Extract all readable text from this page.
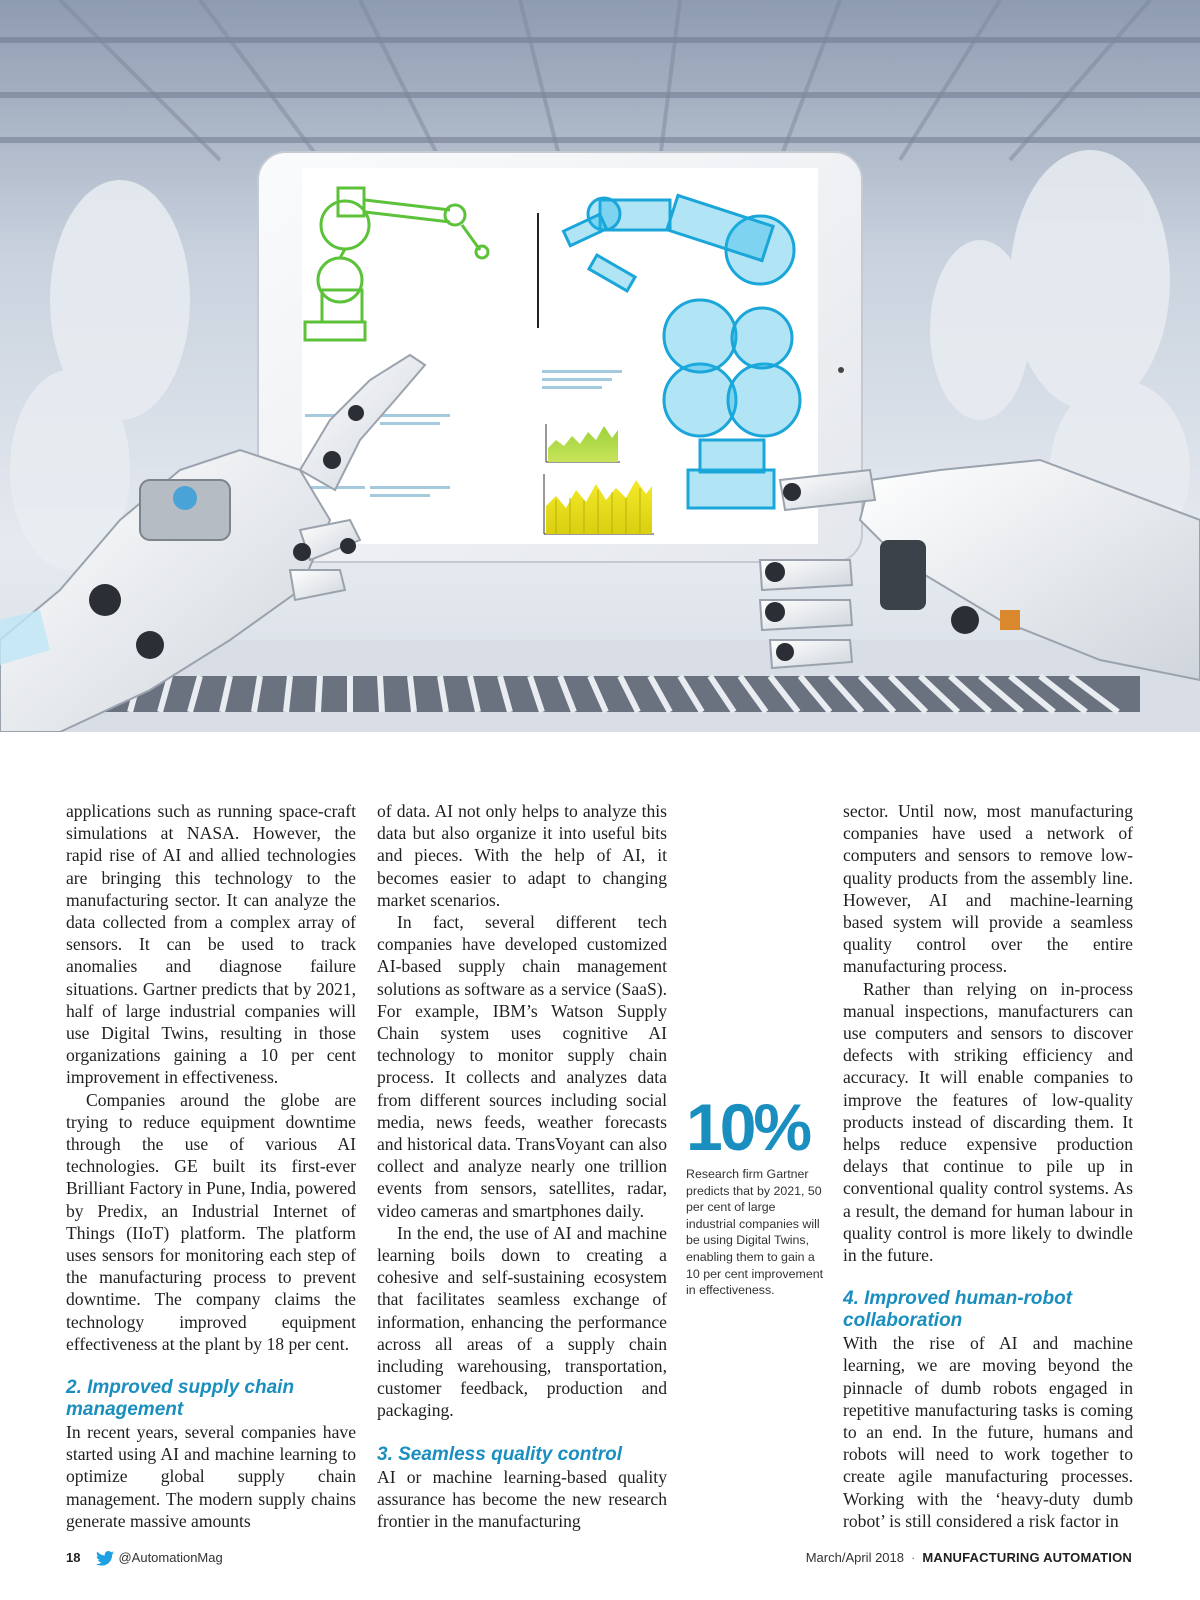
applications such as running space-craft simulations at NASA. However, the rapid rise of AI and allied technologies are bringing this technology to the manufacturing sector. It can analyze the data collected from a complex array of sensors. It can be used to track anomalies and diagnose failure situations. Gartner predicts that by 2021, half of large industrial companies will use Digital Twins, resulting in those organizations gaining a 10 per cent improvement in effectiveness.

Companies around the globe are trying to reduce equipment downtime through the use of various AI technologies. GE built its first-ever Brilliant Factory in Pune, India, powered by Predix, an Industrial Internet of Things (IIoT) platform. The platform uses sensors for monitoring each step of the manufacturing process to prevent downtime. The company claims the technology improved equipment effectiveness at the plant by 18 per cent.

2. Improved supply chain management

In recent years, several companies have started using AI and machine learning to optimize global supply chain management. The modern supply chains generate massive amounts

of data. AI not only helps to analyze this data but also organize it into useful bits and pieces. With the help of AI, it becomes easier to adapt to changing market scenarios.

In fact, several different tech companies have developed customized AI-based supply chain management solutions as software as a service (SaaS). For example, IBM’s Watson Supply Chain system uses cognitive AI technology to monitor supply chain process. It collects and analyzes data from different sources including social media, news feeds, weather forecasts and historical data. TransVoyant can also collect and analyze nearly one trillion events from sensors, satellites, radar, video cameras and smartphones daily.

In the end, the use of AI and machine learning boils down to creating a cohesive and self-sustaining ecosystem that facilitates seamless exchange of information, enhancing the performance across all areas of a supply chain including warehousing, transportation, customer feedback, production and packaging.

3. Seamless quality control

AI or machine learning-based quality assurance has become the new research frontier in the manufacturing

10%
Research firm Gartner predicts that by 2021, 50 per cent of large industrial companies will be using Digital Twins, enabling them to gain a 10 per cent improvement in effectiveness.

sector. Until now, most manufacturing companies have used a network of computers and sensors to remove low-quality products from the assembly line. However, AI and machine-learning based system will provide a seamless quality control over the entire manufacturing process.

Rather than relying on in-process manual inspections, manufacturers can use computers and sensors to discover defects with striking efficiency and accuracy. It will enable companies to improve the features of low-quality products instead of discarding them. It helps reduce expensive production delays that continue to pile up in conventional quality control systems. As a result, the demand for human labour in quality control is more likely to dwindle in the future.

4. Improved human-robot collaboration

With the rise of AI and machine learning, we are moving beyond the pinnacle of dumb robots engaged in repetitive manufacturing tasks is coming to an end. In the future, humans and robots will need to work together to create agile manufacturing processes. Working with the ‘heavy-duty dumb robot’ is still considered a risk factor in

18	@AutomationMag	March/April 2018 · MANUFACTURING AUTOMATION
